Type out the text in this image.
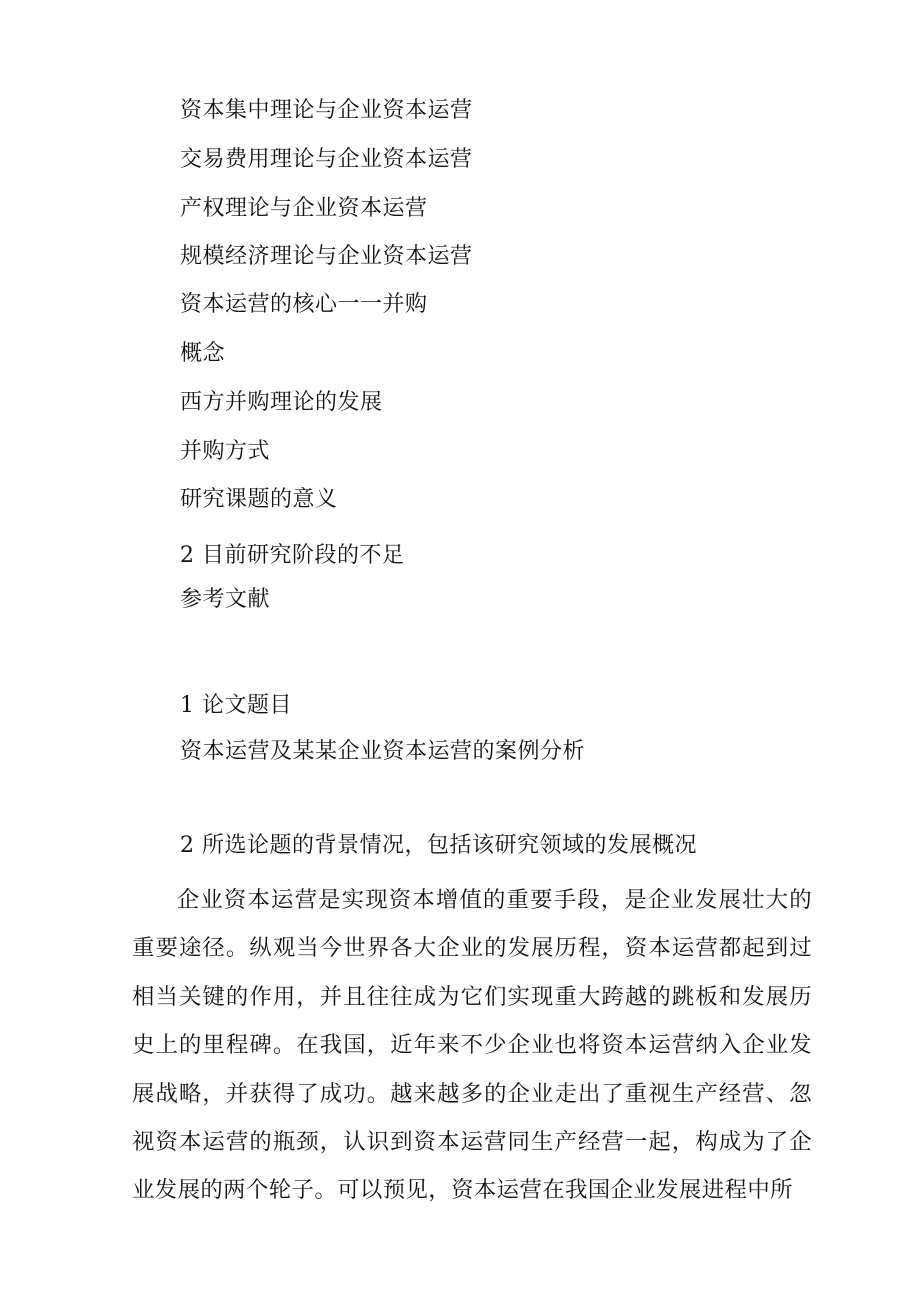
资本集中理论与企业资本运营
交易费用理论与企业资本运营
产权理论与企业资本运营
规模经济理论与企业资本运营
资本运营的核心一一并购
概念
西方并购理论的发展
并购方式
研究课题的意义
2 目前研究阶段的不足
参考文献
1 论文题目
资本运营及某某企业资本运营的案例分析
2 所选论题的背景情况，包括该研究领域的发展概况
企业资本运营是实现资本增值的重要手段，是企业发展壮大的重要途径。纵观当今世界各大企业的发展历程，资本运营都起到过相当关键的作用，并且往往成为它们实现重大跨越的跳板和发展历史上的里程碑。在我国，近年来不少企业也将资本运营纳入企业发展战略，并获得了成功。越来越多的企业走出了重视生产经营、忽视资本运营的瓶颈，认识到资本运营同生产经营一起，构成为了企业发展的两个轮子。可以预见，资本运营在我国企业发展进程中所
